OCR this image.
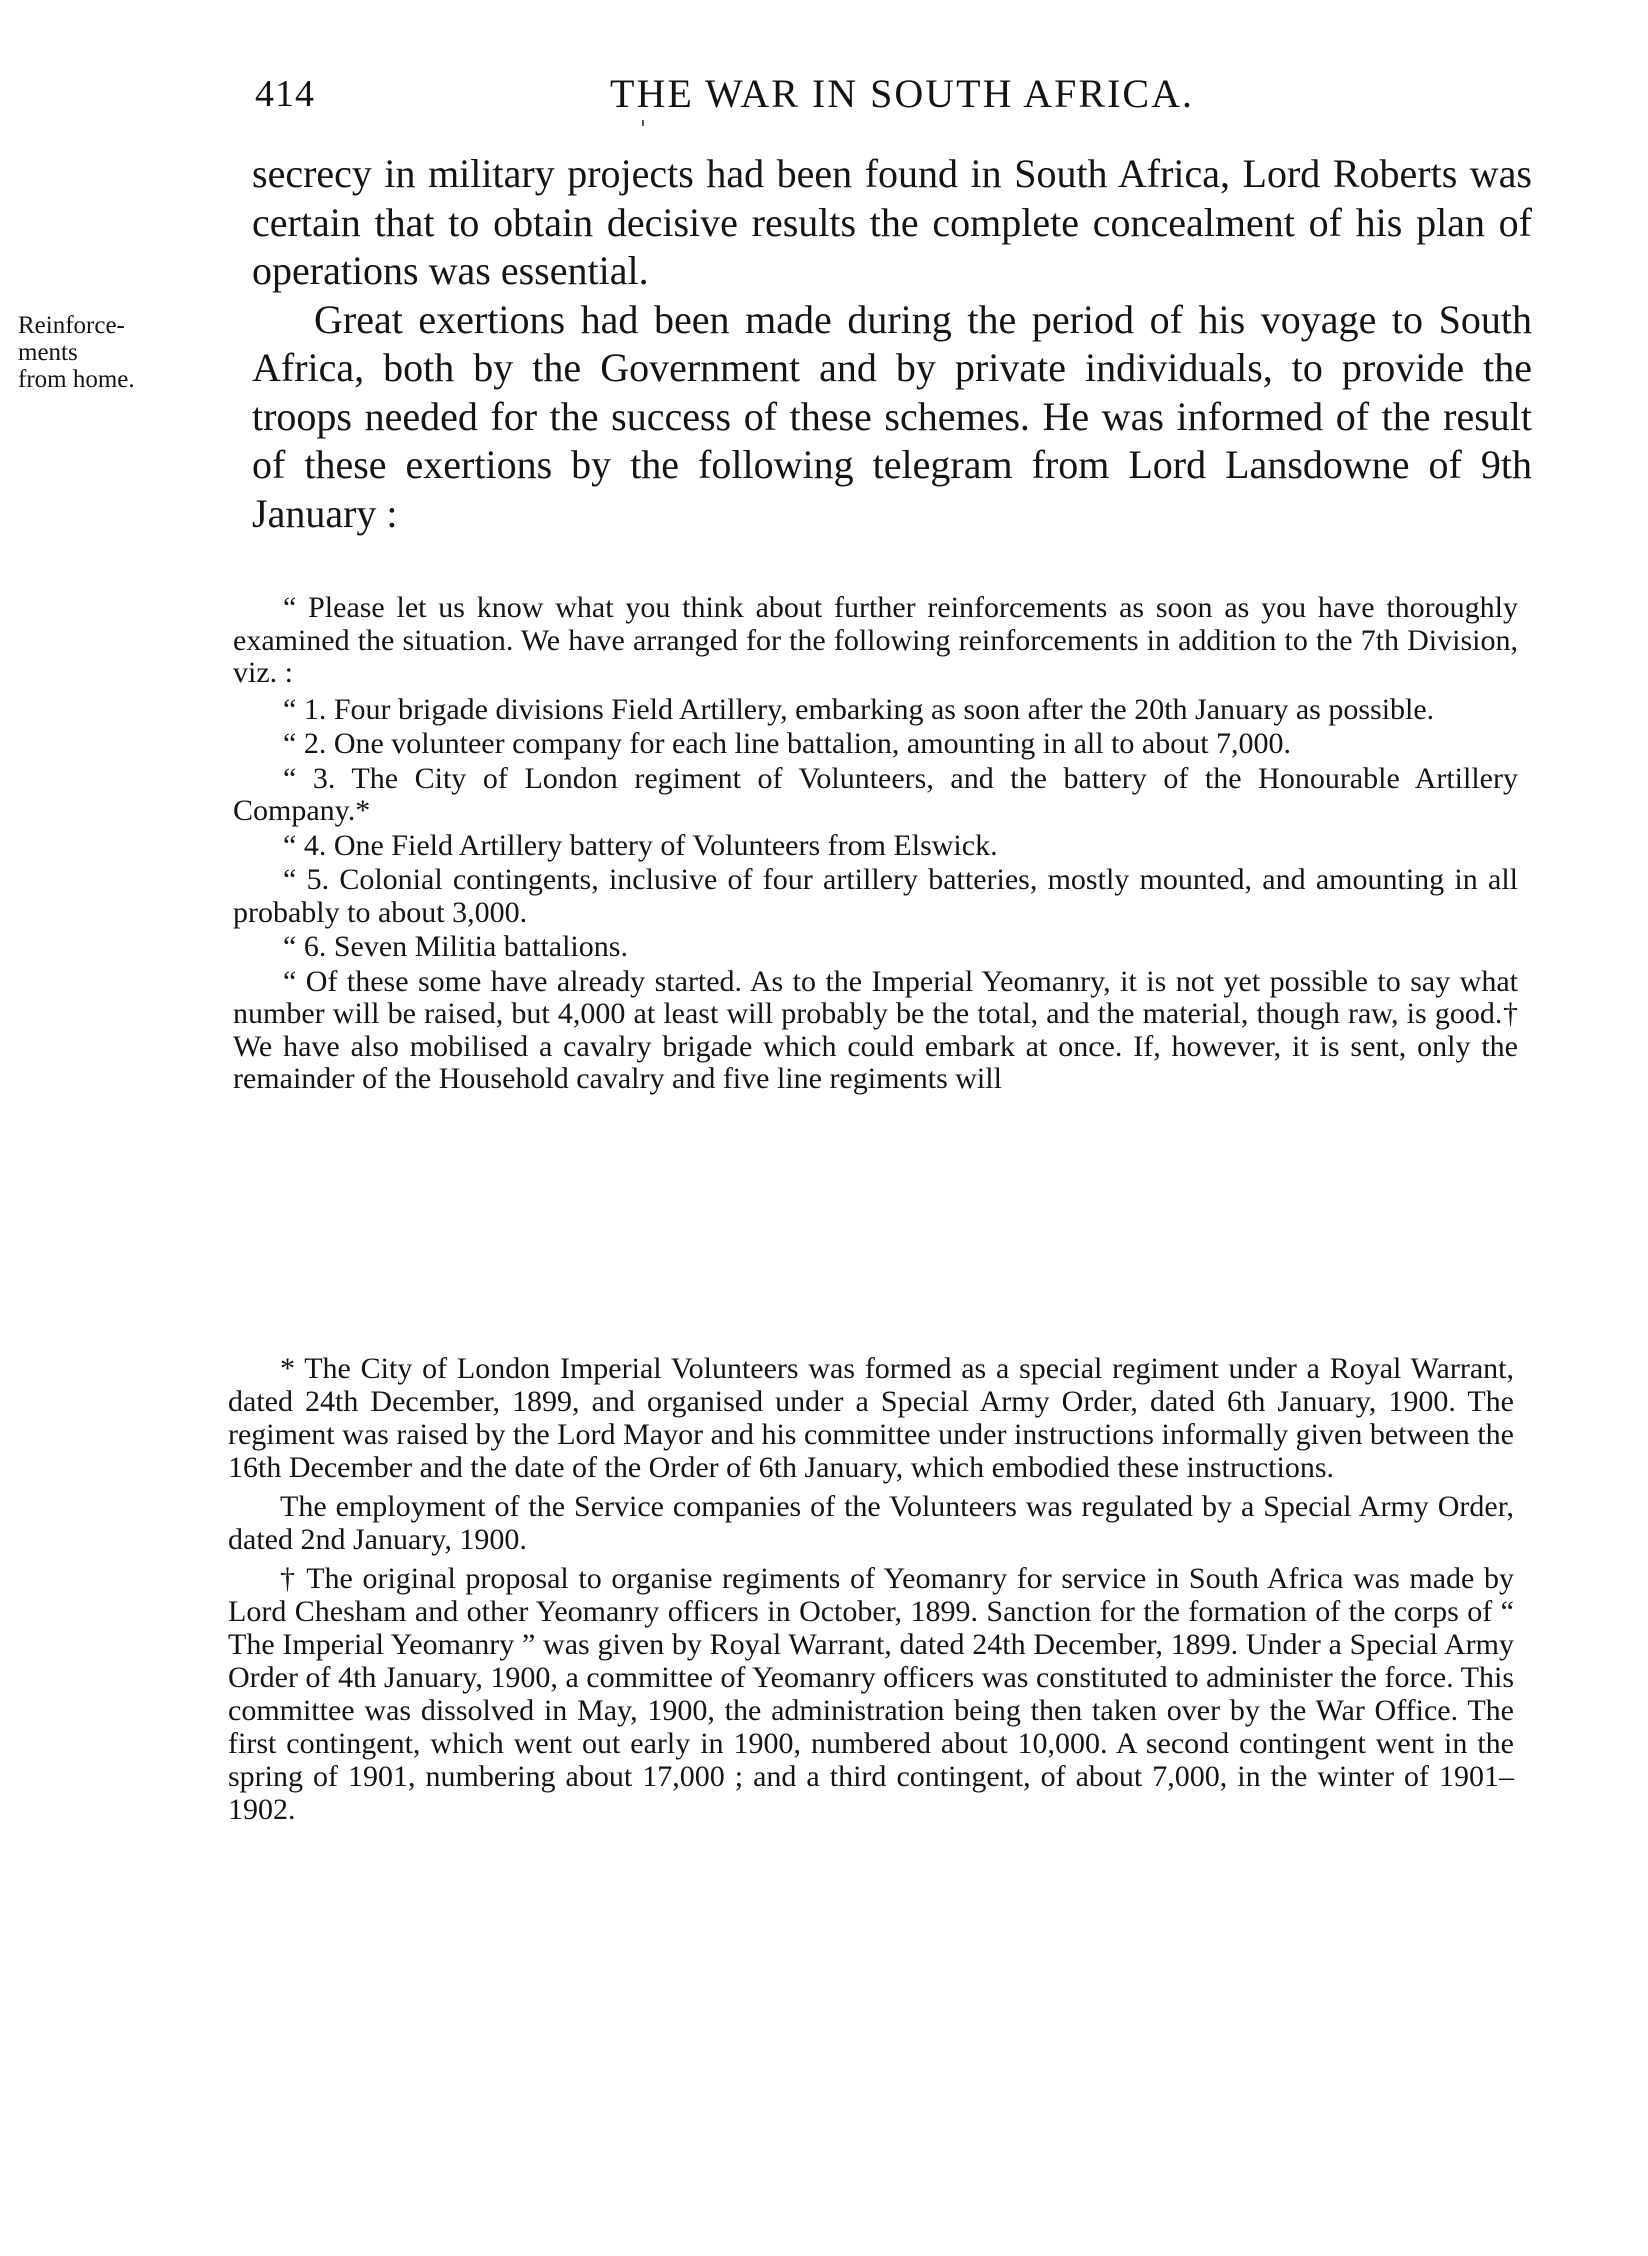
414	THE WAR IN SOUTH AFRICA.
Reinforce-
ments
from home.

secrecy in military projects had been found in South Africa, Lord Roberts was certain that to obtain decisive results the complete concealment of his plan of operations was essential.

Great exertions had been made during the period of his voyage to South Africa, both by the Government and by private individuals, to provide the troops needed for the success of these schemes. He was informed of the result of these exertions by the following telegram from Lord Lansdowne of 9th January :

“ Please let us know what you think about further reinforcements as soon as you have thoroughly examined the situation. We have arranged for the following reinforcements in addition to the 7th Division, viz. :

“ 1. Four brigade divisions Field Artillery, embarking as soon after the 20th January as possible.

“ 2. One volunteer company for each line battalion, amounting in all to about 7,000.

“ 3. The City of London regiment of Volunteers, and the battery of the Honourable Artillery Company.*

“ 4. One Field Artillery battery of Volunteers from Elswick.

“ 5. Colonial contingents, inclusive of four artillery batteries, mostly mounted, and amounting in all probably to about 3,000.

“ 6. Seven Militia battalions.

“ Of these some have already started. As to the Imperial Yeomanry, it is not yet possible to say what number will be raised, but 4,000 at least will probably be the total, and the material, though raw, is good.† We have also mobilised a cavalry brigade which could embark at once. If, however, it is sent, only the remainder of the Household cavalry and five line regiments will

* The City of London Imperial Volunteers was formed as a special regiment under a Royal Warrant, dated 24th December, 1899, and organised under a Special Army Order, dated 6th January, 1900. The regiment was raised by the Lord Mayor and his committee under instructions informally given between the 16th December and the date of the Order of 6th January, which embodied these instructions.

The employment of the Service companies of the Volunteers was regulated by a Special Army Order, dated 2nd January, 1900.

† The original proposal to organise regiments of Yeomanry for service in South Africa was made by Lord Chesham and other Yeomanry officers in October, 1899. Sanction for the formation of the corps of “ The Imperial Yeomanry ” was given by Royal Warrant, dated 24th December, 1899. Under a Special Army Order of 4th January, 1900, a committee of Yeomanry officers was constituted to administer the force. This committee was dissolved in May, 1900, the administration being then taken over by the War Office. The first contingent, which went out early in 1900, numbered about 10,000. A second contingent went in the spring of 1901, numbering about 17,000 ; and a third contingent, of about 7,000, in the winter of 1901–1902.
